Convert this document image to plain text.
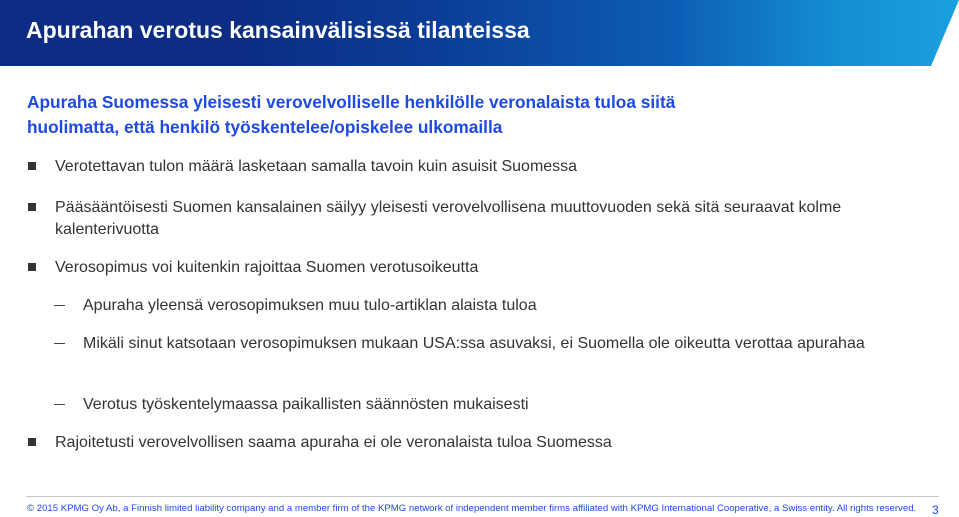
Apurahan verotus kansainvälisissä tilanteissa

Apuraha Suomessa yleisesti verovelvolliselle henkilölle veronalaista tuloa siitä
huolimatta, että henkilö työskentelee/opiskelee ulkomailla

Verotettavan tulon määrä lasketaan samalla tavoin kuin asuisit Suomessa
Pääsääntöisesti Suomen kansalainen säilyy yleisesti verovelvollisena muuttovuoden sekä sitä seuraavat kolme kalenterivuotta
Verosopimus voi kuitenkin rajoittaa Suomen verotusoikeutta
Apuraha yleensä verosopimuksen muu tulo-artiklan alaista tuloa
Mikäli sinut katsotaan verosopimuksen mukaan USA:ssa asuvaksi, ei Suomella ole oikeutta verottaa apurahaa
Verotus työskentelymaassa paikallisten säännösten mukaisesti
Rajoitetusti verovelvollisen saama apuraha ei ole veronalaista tuloa Suomessa
© 2015 KPMG Oy Ab, a Finnish limited liability company and a member firm of the KPMG network of independent member firms affiliated with KPMG International Cooperative, a Swiss entity. All rights reserved. 3
